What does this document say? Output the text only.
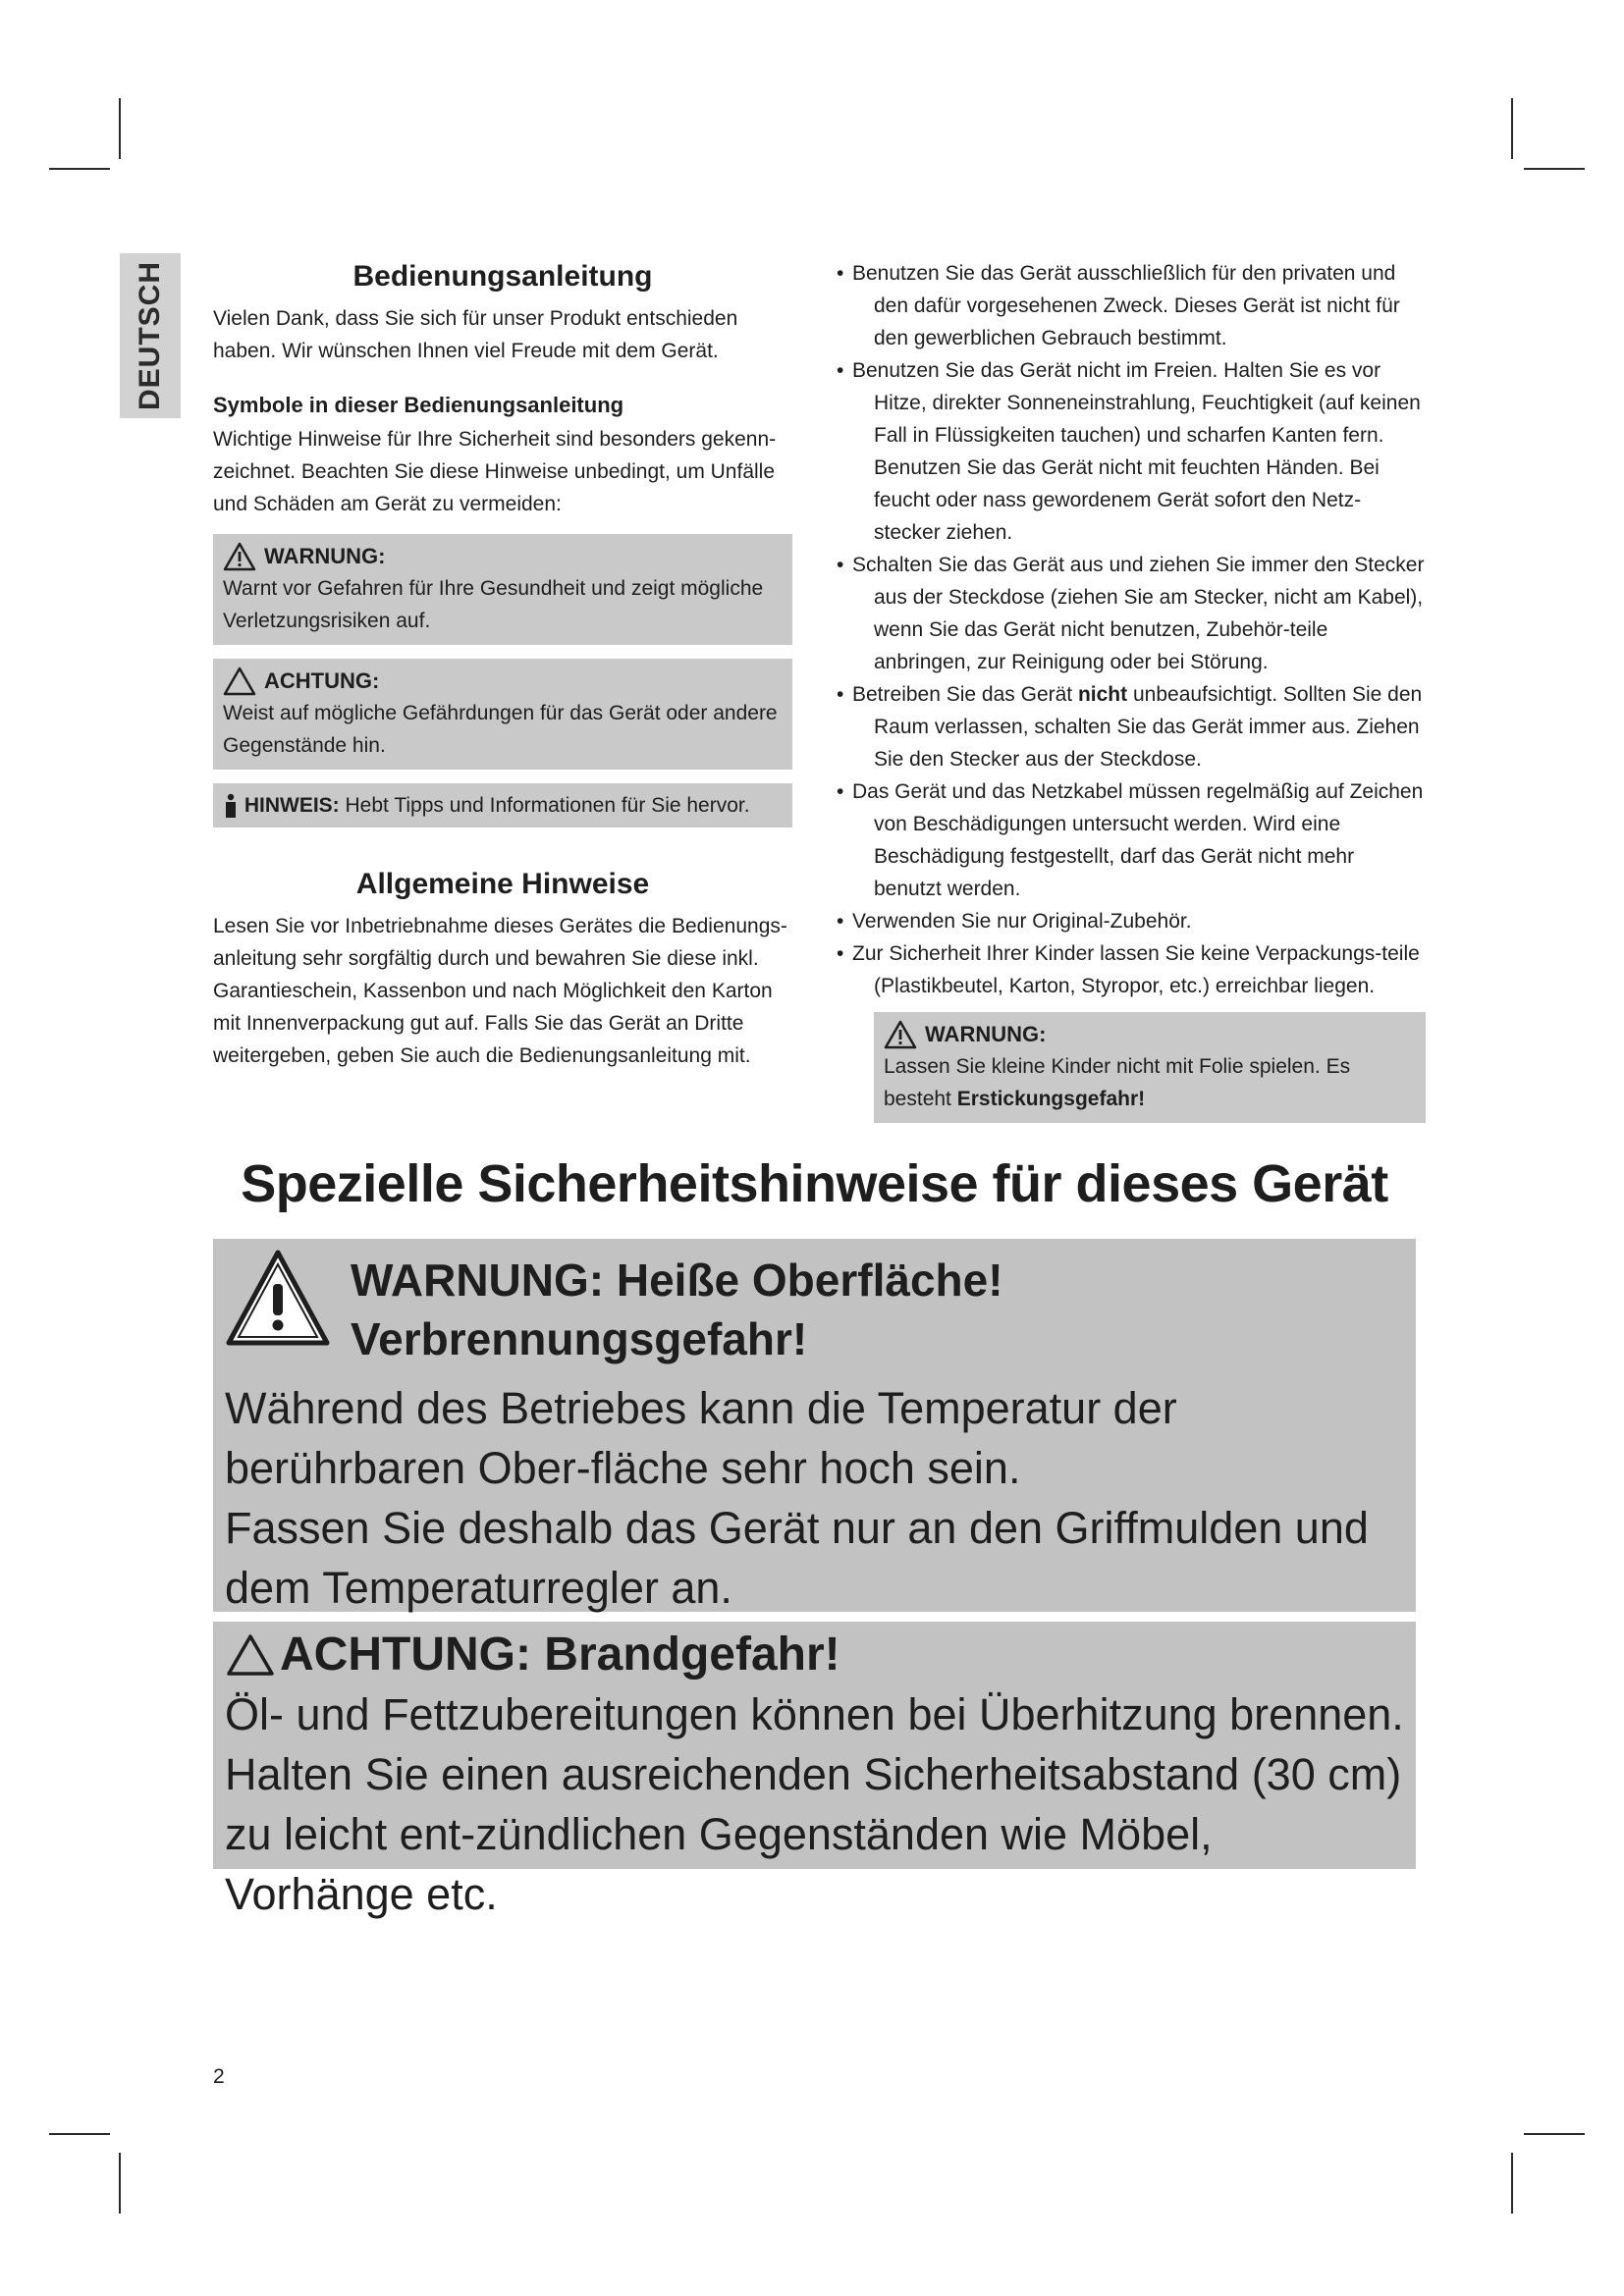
DEUTSCH	Bedienungsanleitung

Vielen Dank, dass Sie sich für unser Produkt entschieden haben. Wir wünschen Ihnen viel Freude mit dem Gerät.

Symbole in dieser Bedienungsanleitung

Wichtige Hinweise für Ihre Sicherheit sind besonders gekenn-zeichnet. Beachten Sie diese Hinweise unbedingt, um Unfälle und Schäden am Gerät zu vermeiden:

WARNUNG:

Warnt vor Gefahren für Ihre Gesundheit und zeigt mögliche Verletzungsrisiken auf.

ACHTUNG:

Weist auf mögliche Gefährdungen für das Gerät oder andere Gegenstände hin.

HINWEIS: Hebt Tipps und Informationen für Sie hervor.
Allgemeine Hinweise

Lesen Sie vor Inbetriebnahme dieses Gerätes die Bedienungs-anleitung sehr sorgfältig durch und bewahren Sie diese inkl. Garantieschein, Kassenbon und nach Möglichkeit den Karton mit Innenverpackung gut auf. Falls Sie das Gerät an Dritte weitergeben, geben Sie auch die Bedienungsanleitung mit.

• Benutzen Sie das Gerät ausschließlich für den privaten und den dafür vorgesehenen Zweck. Dieses Gerät ist nicht für den gewerblichen Gebrauch bestimmt.
• Benutzen Sie das Gerät nicht im Freien. Halten Sie es vor Hitze, direkter Sonneneinstrahlung, Feuchtigkeit (auf keinen Fall in Flüssigkeiten tauchen) und scharfen Kanten fern. Benutzen Sie das Gerät nicht mit feuchten Händen. Bei feucht oder nass gewordenem Gerät sofort den Netz-stecker ziehen.
• Schalten Sie das Gerät aus und ziehen Sie immer den Stecker aus der Steckdose (ziehen Sie am Stecker, nicht am Kabel), wenn Sie das Gerät nicht benutzen, Zubehör-teile anbringen, zur Reinigung oder bei Störung.
• Betreiben Sie das Gerät nicht unbeaufsichtigt. Sollten Sie den Raum verlassen, schalten Sie das Gerät immer aus. Ziehen Sie den Stecker aus der Steckdose.
• Das Gerät und das Netzkabel müssen regelmäßig auf Zeichen von Beschädigungen untersucht werden. Wird eine Beschädigung festgestellt, darf das Gerät nicht mehr benutzt werden.
• Verwenden Sie nur Original-Zubehör.
• Zur Sicherheit Ihrer Kinder lassen Sie keine Verpackungs-teile (Plastikbeutel, Karton, Styropor, etc.) erreichbar liegen.
WARNUNG:

Lassen Sie kleine Kinder nicht mit Folie spielen. Es besteht Erstickungsgefahr!

Spezielle Sicherheitshinweise für dieses Gerät
WARNUNG: Heiße Oberfläche!
Verbrennungsgefahr!
Während des Betriebes kann die Temperatur der berührbaren Ober-fläche sehr hoch sein.
Fassen Sie deshalb das Gerät nur an den Griffmulden und dem Temperaturregler an.
ACHTUNG: Brandgefahr!
Öl- und Fettzubereitungen können bei Überhitzung brennen. Halten Sie einen ausreichenden Sicherheitsabstand (30 cm) zu leicht ent-zündlichen Gegenständen wie Möbel, Vorhänge etc.
2
